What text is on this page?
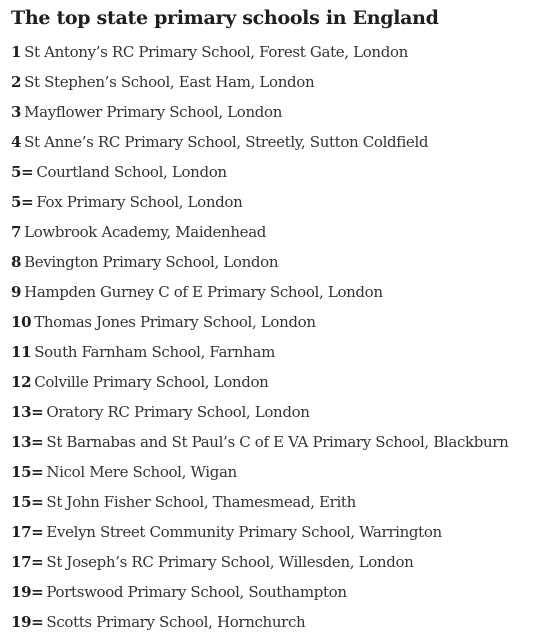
The top state primary schools in England
1 St Antony’s RC Primary School, Forest Gate, London
2 St Stephen’s School, East Ham, London
3 Mayflower Primary School, London
4 St Anne’s RC Primary School, Streetly, Sutton Coldfield
5= Courtland School, London
5= Fox Primary School, London
7 Lowbrook Academy, Maidenhead
8 Bevington Primary School, London
9 Hampden Gurney C of E Primary School, London
10 Thomas Jones Primary School, London
11 South Farnham School, Farnham
12 Colville Primary School, London
13= Oratory RC Primary School, London
13= St Barnabas and St Paul’s C of E VA Primary School, Blackburn
15= Nicol Mere School, Wigan
15= St John Fisher School, Thamesmead, Erith
17= Evelyn Street Community Primary School, Warrington
17= St Joseph’s RC Primary School, Willesden, London
19= Portswood Primary School, Southampton
19= Scotts Primary School, Hornchurch
